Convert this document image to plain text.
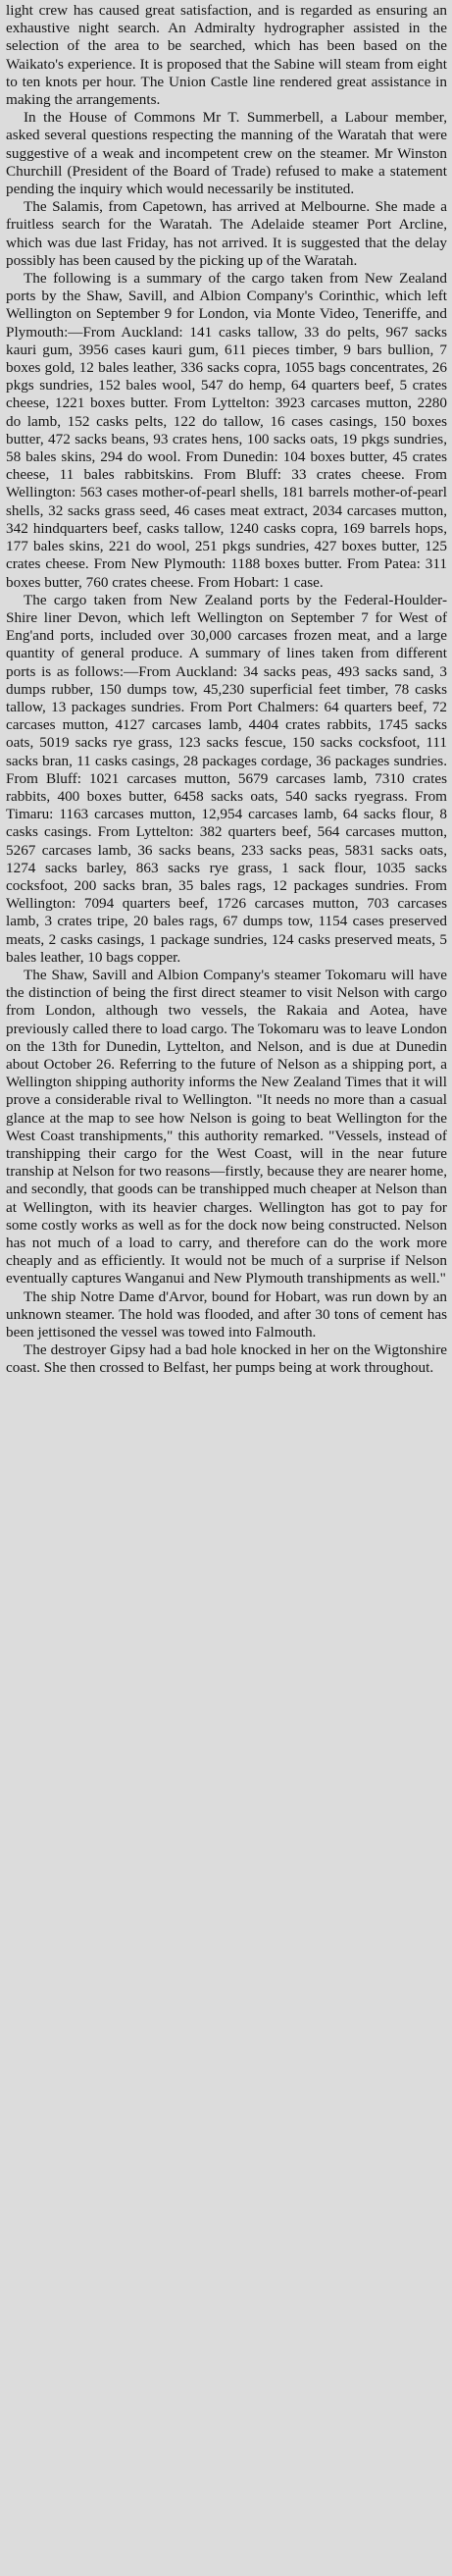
light crew has caused great satisfaction, and is regarded as ensuring an exhaustive night search. An Admiralty hydrographer assisted in the selection of the area to be searched, which has been based on the Waikato's experience. It is proposed that the Sabine will steam from eight to ten knots per hour. The Union Castle line rendered great assistance in making the arrangements.

In the House of Commons Mr T. Summerbell, a Labour member, asked several questions respecting the manning of the Waratah that were suggestive of a weak and incompetent crew on the steamer. Mr Winston Churchill (President of the Board of Trade) refused to make a statement pending the inquiry which would necessarily be instituted.

The Salamis, from Capetown, has arrived at Melbourne. She made a fruitless search for the Waratah. The Adelaide steamer Port Arcline, which was due last Friday, has not arrived. It is suggested that the delay possibly has been caused by the picking up of the Waratah.

The following is a summary of the cargo taken from New Zealand ports by the Shaw, Savill, and Albion Company's Corinthic, which left Wellington on September 9 for London, via Monte Video, Teneriffe, and Plymouth:—From Auckland: 141 casks tallow, 33 do pelts, 967 sacks kauri gum, 3956 cases kauri gum, 611 pieces timber, 9 bars bullion, 7 boxes gold, 12 bales leather, 336 sacks copra, 1055 bags concentrates, 26 pkgs sundries, 152 bales wool, 547 do hemp, 64 quarters beef, 5 crates cheese, 1221 boxes butter. From Lyttelton: 3923 carcases mutton, 2280 do lamb, 152 casks pelts, 122 do tallow, 16 cases casings, 150 boxes butter, 472 sacks beans, 93 crates hens, 100 sacks oats, 19 pkgs sundries, 58 bales skins, 294 do wool. From Dunedin: 104 boxes butter, 45 crates cheese, 11 bales rabbitskins. From Bluff: 33 crates cheese. From Wellington: 563 cases mother-of-pearl shells, 181 barrels mother-of-pearl shells, 32 sacks grass seed, 46 cases meat extract, 2034 carcases mutton, 342 hindquarters beef, casks tallow, 1240 casks copra, 169 barrels hops, 177 bales skins, 221 do wool, 251 pkgs sundries, 427 boxes butter, 125 crates cheese. From New Plymouth: 1188 boxes butter. From Patea: 311 boxes butter, 760 crates cheese. From Hobart: 1 case.

The cargo taken from New Zealand ports by the Federal-Houlder-Shire liner Devon, which left Wellington on September 7 for West of Eng'and ports, included over 30,000 carcases frozen meat, and a large quantity of general produce. A summary of lines taken from different ports is as follows:—From Auckland: 34 sacks peas, 493 sacks sand, 3 dumps rubber, 150 dumps tow, 45,230 superficial feet timber, 78 casks tallow, 13 packages sundries. From Port Chalmers: 64 quarters beef, 72 carcases mutton, 4127 carcases lamb, 4404 crates rabbits, 1745 sacks oats, 5019 sacks rye grass, 123 sacks fescue, 150 sacks cocksfoot, 111 sacks bran, 11 casks casings, 28 packages cordage, 36 packages sundries. From Bluff: 1021 carcases mutton, 5679 carcases lamb, 7310 crates rabbits, 400 boxes butter, 6458 sacks oats, 540 sacks ryegrass. From Timaru: 1163 carcases mutton, 12,954 carcases lamb, 64 sacks flour, 8 casks casings. From Lyttelton: 382 quarters beef, 564 carcases mutton, 5267 carcases lamb, 36 sacks beans, 233 sacks peas, 5831 sacks oats, 1274 sacks barley, 863 sacks rye grass, 1 sack flour, 1035 sacks cocksfoot, 200 sacks bran, 35 bales rags, 12 packages sundries. From Wellington: 7094 quarters beef, 1726 carcases mutton, 703 carcases lamb, 3 crates tripe, 20 bales rags, 67 dumps tow, 1154 cases preserved meats, 2 casks casings, 1 package sundries, 124 casks preserved meats, 5 bales leather, 10 bags copper.

The Shaw, Savill and Albion Company's steamer Tokomaru will have the distinction of being the first direct steamer to visit Nelson with cargo from London, although two vessels, the Rakaia and Aotea, have previously called there to load cargo. The Tokomaru was to leave London on the 13th for Dunedin, Lyttelton, and Nelson, and is due at Dunedin about October 26. Referring to the future of Nelson as a shipping port, a Wellington shipping authority informs the New Zealand Times that it will prove a considerable rival to Wellington. "It needs no more than a casual glance at the map to see how Nelson is going to beat Wellington for the West Coast transhipments," this authority remarked. "Vessels, instead of transhipping their cargo for the West Coast, will in the near future tranship at Nelson for two reasons—firstly, because they are nearer home, and secondly, that goods can be transhipped much cheaper at Nelson than at Wellington, with its heavier charges. Wellington has got to pay for some costly works as well as for the dock now being constructed. Nelson has not much of a load to carry, and therefore can do the work more cheaply and as efficiently. It would not be much of a surprise if Nelson eventually captures Wanganui and New Plymouth transhipments as well."

The ship Notre Dame d'Arvor, bound for Hobart, was run down by an unknown steamer. The hold was flooded, and after 30 tons of cement has been jettisoned the vessel was towed into Falmouth.

The destroyer Gipsy had a bad hole knocked in her on the Wigtonshire coast. She then crossed to Belfast, her pumps being at work throughout.
